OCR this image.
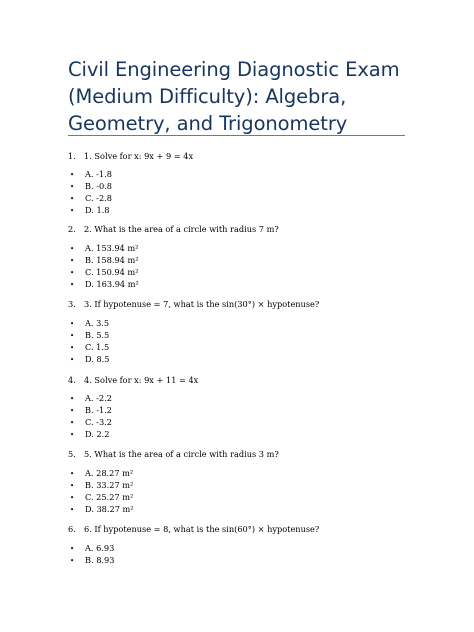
Civil Engineering Diagnostic Exam (Medium Difficulty): Algebra, Geometry, and Trigonometry
1. 1. Solve for x: 9x + 9 = 4x
• A. -1.8
• B. -0.8
• C. -2.8
• D. 1.8
2. 2. What is the area of a circle with radius 7 m?
• A. 153.94 m²
• B. 158.94 m²
• C. 150.94 m²
• D. 163.94 m²
3. 3. If hypotenuse = 7, what is the sin(30°) × hypotenuse?
• A. 3.5
• B. 5.5
• C. 1.5
• D. 8.5
4. 4. Solve for x: 9x + 11 = 4x
• A. -2.2
• B. -1.2
• C. -3.2
• D. 2.2
5. 5. What is the area of a circle with radius 3 m?
• A. 28.27 m²
• B. 33.27 m²
• C. 25.27 m²
• D. 38.27 m²
6. 6. If hypotenuse = 8, what is the sin(60°) × hypotenuse?
• A. 6.93
• B. 8.93
